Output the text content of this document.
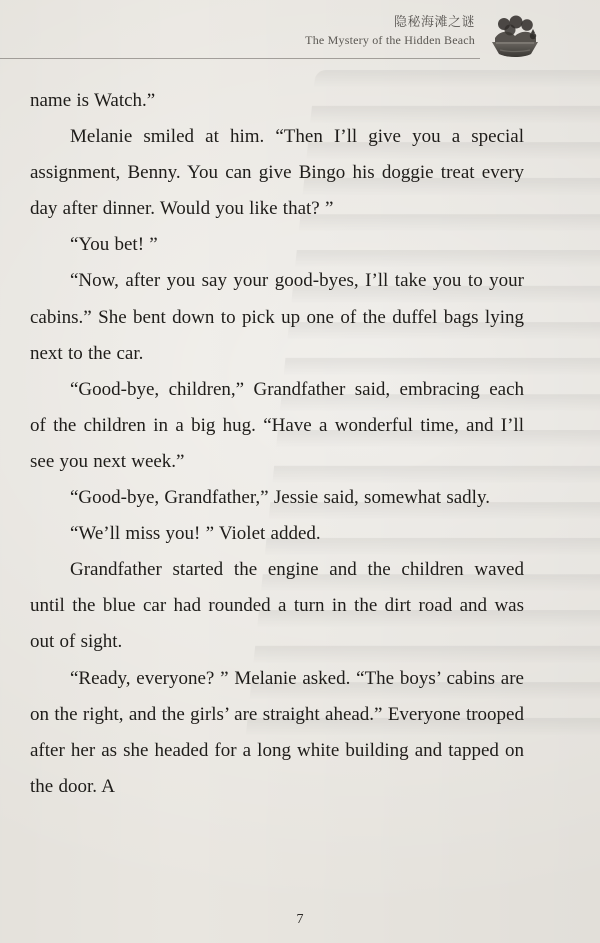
隐秘海滩之谜
The Mystery of the Hidden Beach

name is Watch.”

Melanie smiled at him. “Then I’ll give you a special assignment, Benny. You can give Bingo his doggie treat every day after dinner. Would you like that? ”

“You bet! ”

“Now, after you say your good-byes, I’ll take you to your cabins.” She bent down to pick up one of the duffel bags lying next to the car.

“Good-bye, children,” Grandfather said, embracing each of the children in a big hug. “Have a wonderful time, and I’ll see you next week.”

“Good-bye, Grandfather,” Jessie said, somewhat sadly.

“We’ll miss you! ” Violet added.

Grandfather started the engine and the children waved until the blue car had rounded a turn in the dirt road and was out of sight.

“Ready, everyone? ” Melanie asked. “The boys’ cabins are on the right, and the girls’ are straight ahead.” Everyone trooped after her as she headed for a long white building and tapped on the door. A

7
